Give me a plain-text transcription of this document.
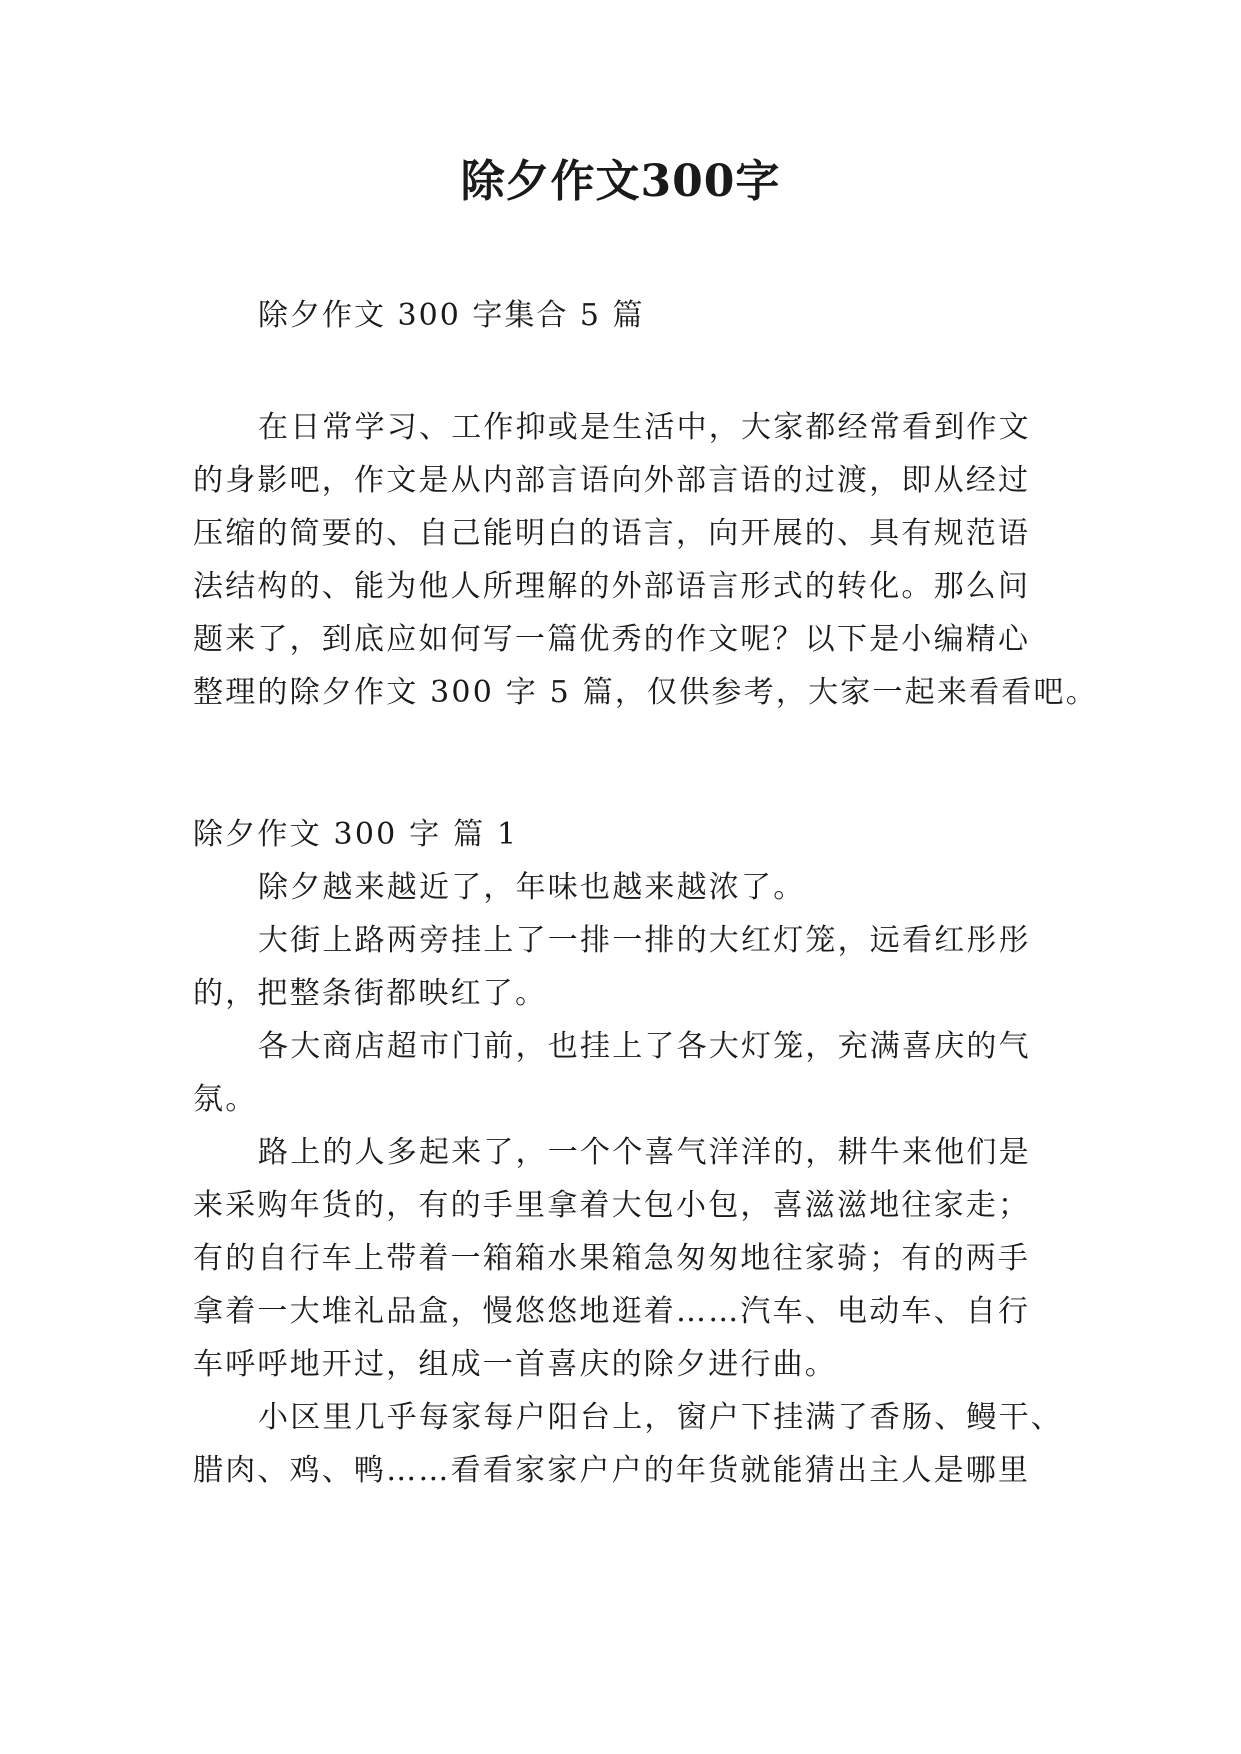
除夕作文300字

除夕作文 300 字集合 5 篇

在日常学习、工作抑或是生活中，大家都经常看到作文

的身影吧，作文是从内部言语向外部言语的过渡，即从经过

压缩的简要的、自己能明白的语言，向开展的、具有规范语

法结构的、能为他人所理解的外部语言形式的转化。那么问

题来了，到底应如何写一篇优秀的作文呢？以下是小编精心

整理的除夕作文 300 字 5 篇，仅供参考，大家一起来看看吧。

除夕作文 300 字 篇 1

除夕越来越近了，年味也越来越浓了。

大街上路两旁挂上了一排一排的大红灯笼，远看红彤彤

的，把整条街都映红了。

各大商店超市门前，也挂上了各大灯笼，充满喜庆的气

氛。

路上的人多起来了，一个个喜气洋洋的，耕牛来他们是

来采购年货的，有的手里拿着大包小包，喜滋滋地往家走；

有的自行车上带着一箱箱水果箱急匆匆地往家骑；有的两手

拿着一大堆礼品盒，慢悠悠地逛着……汽车、电动车、自行

车呼呼地开过，组成一首喜庆的除夕进行曲。

小区里几乎每家每户阳台上，窗户下挂满了香肠、鳗干、

腊肉、鸡、鸭……看看家家户户的年货就能猜出主人是哪里
